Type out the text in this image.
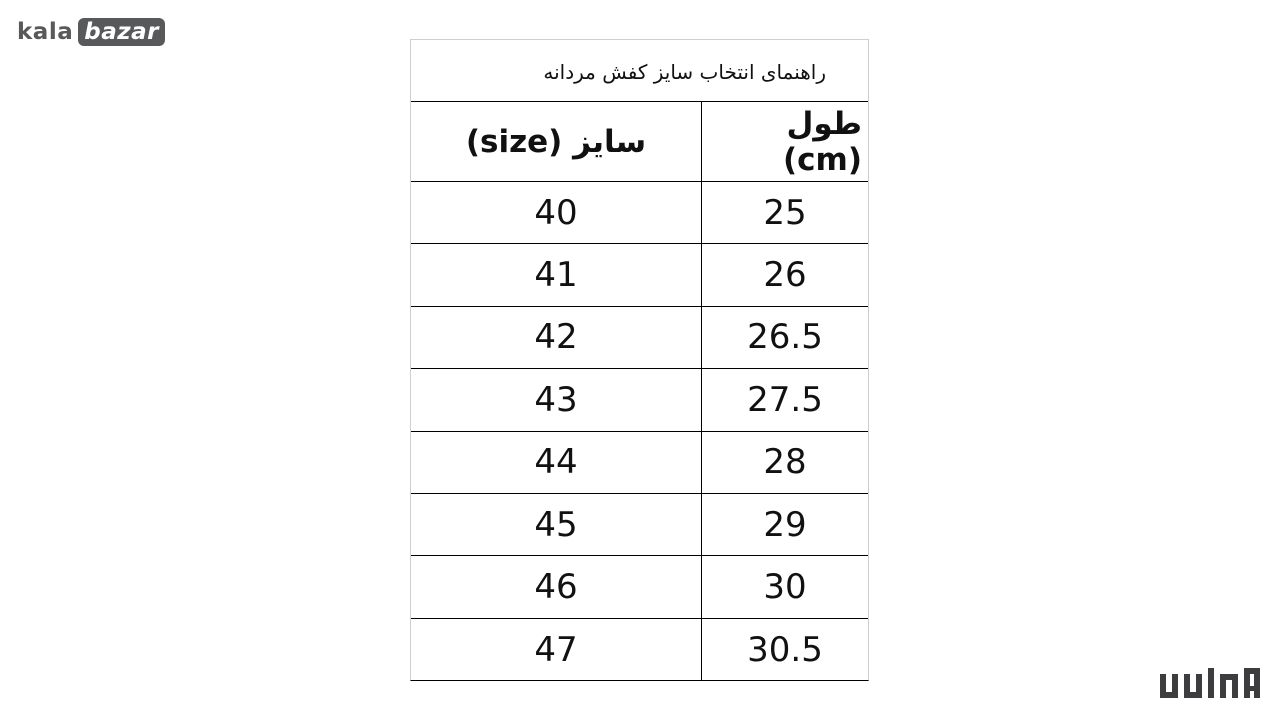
kala bazar
راهنمای انتخاب سایز کفش مردانه
سایز (size)	طول (cm)
40	25
41	26
42	26.5
43	27.5
44	28
45	29
46	30
47	30.5
